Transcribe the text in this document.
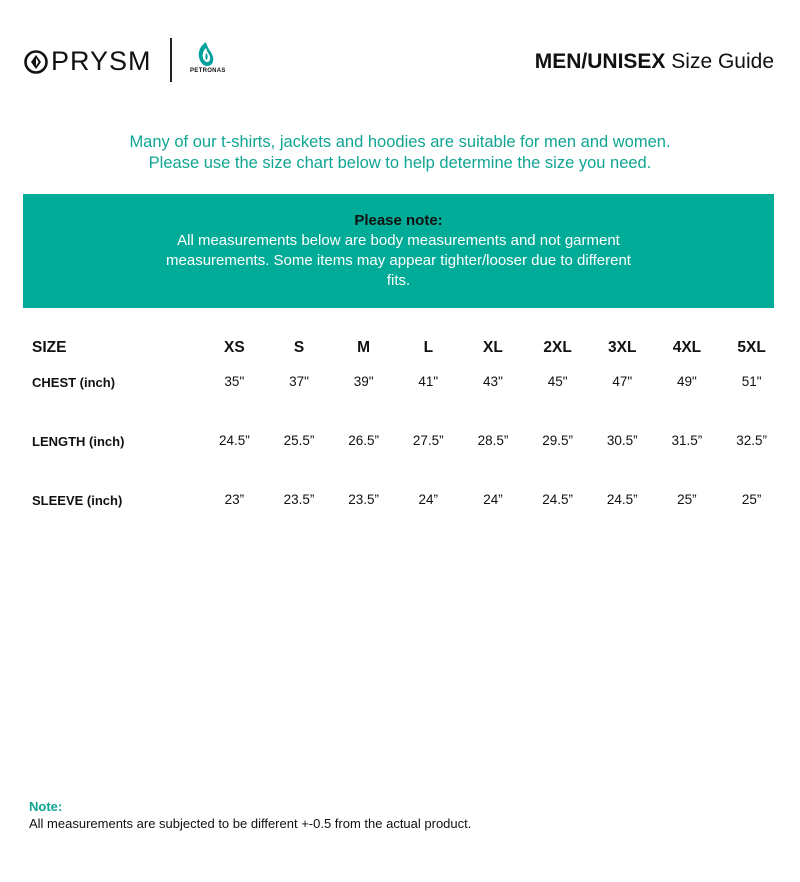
PRYSM	PETRONAS	MEN/UNISEX Size Guide
Many of our t-shirts, jackets and hoodies are suitable for men and women.
Please use the size chart below to help determine the size you need.
Please note:
All measurements below are body measurements and not garment measurements. Some items may appear tighter/looser due to different fits.
SIZE	XS	S	M	L	XL	2XL	3XL	4XL	5XL
CHEST (inch)	35"	37"	39"	41"	43"	45"	47"	49"	51"
LENGTH (inch)	24.5”	25.5”	26.5”	27.5”	28.5”	29.5”	30.5”	31.5”	32.5”
SLEEVE (inch)	23”	23.5”	23.5”	24”	24”	24.5”	24.5”	25”	25”
Note:
All measurements are subjected to be different +-0.5 from the actual product.
